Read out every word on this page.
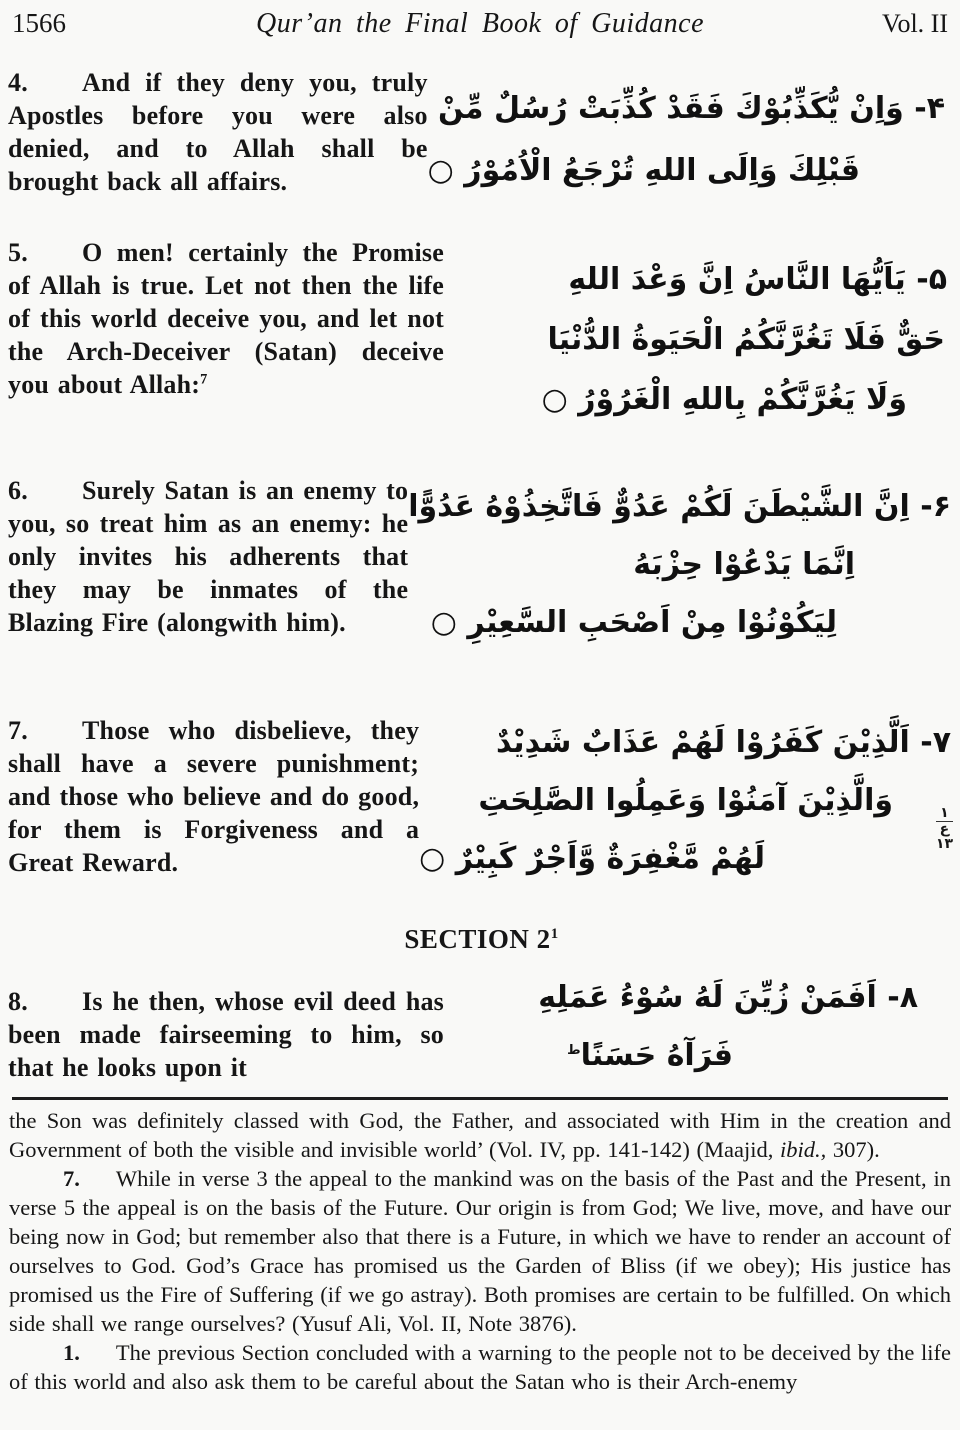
1566	Qur’an the Final Book of Guidance	Vol. II

4. And if they deny you, truly Apostles before you were also denied, and to Allah shall be brought back all affairs.

۴- وَاِنْ يُّكَذِّبُوْكَ فَقَدْ كُذِّبَتْ رُسُلٌ مِّنْ
قَبْلِكَ وَاِلَى اللهِ تُرْجَعُ الْاُمُوْرُ ○

5. O men! certainly the Promise of Allah is true. Let not then the life of this world deceive you, and let not the Arch-Deceiver (Satan) deceive you about Allah:$^7$

۵- يَاَيُّهَا النَّاسُ اِنَّ وَعْدَ اللهِ
حَقٌّ فَلَا تَغُرَّنَّكُمُ الْحَيَوةُ الدُّنْيَا
وَلَا يَغُرَّنَّكُمْ بِاللهِ الْغَرُوْرُ ○

6. Surely Satan is an enemy to you, so treat him as an enemy: he only invites his adherents that they may be inmates of the Blazing Fire (alongwith him).

۶- اِنَّ الشَّيْطَنَ لَكُمْ عَدُوٌّ فَاتَّخِذُوْهُ عَدُوًّا
اِنَّمَا يَدْعُوْا حِزْبَهُ
لِيَكُوْنُوْا مِنْ اَصْحَبِ السَّعِيْرِ ○

7. Those who disbelieve, they shall have a severe punishment; and those who believe and do good, for them is Forgiveness and a Great Reward.

۷- اَلَّذِيْنَ كَفَرُوْا لَهُمْ عَذَابٌ شَدِيْدٌ
وَالَّذِيْنَ آمَنُوْا وَعَمِلُوا الصَّلِحَتِ
لَهُمْ مَّغْفِرَةٌ وَّاَجْرٌ كَبِيْرٌ ○
١
ع
١٣
SECTION $2^1$

8. Is he then, whose evil deed has been made fairseeming to him, so that he looks upon it

۸- اَفَمَنْ زُيِّنَ لَهُ سُوْءُ عَمَلِهِ
فَرَآهُ حَسَنًا$^ط$

the Son was definitely classed with God, the Father, and associated with Him in the creation and Government of both the visible and invisible world’ (Vol. IV, pp. 141-142) (Maajid, ibid., 307).

7. While in verse 3 the appeal to the mankind was on the basis of the Past and the Present, in verse 5 the appeal is on the basis of the Future. Our origin is from God; We live, move, and have our being now in God; but remember also that there is a Future, in which we have to render an account of ourselves to God. God’s Grace has promised us the Garden of Bliss (if we obey); His justice has promised us the Fire of Suffering (if we go astray). Both promises are certain to be fulfilled. On which side shall we range ourselves? (Yusuf Ali, Vol. II, Note 3876).

1. The previous Section concluded with a warning to the people not to be deceived by the life of this world and also ask them to be careful about the Satan who is their Arch-enemy
